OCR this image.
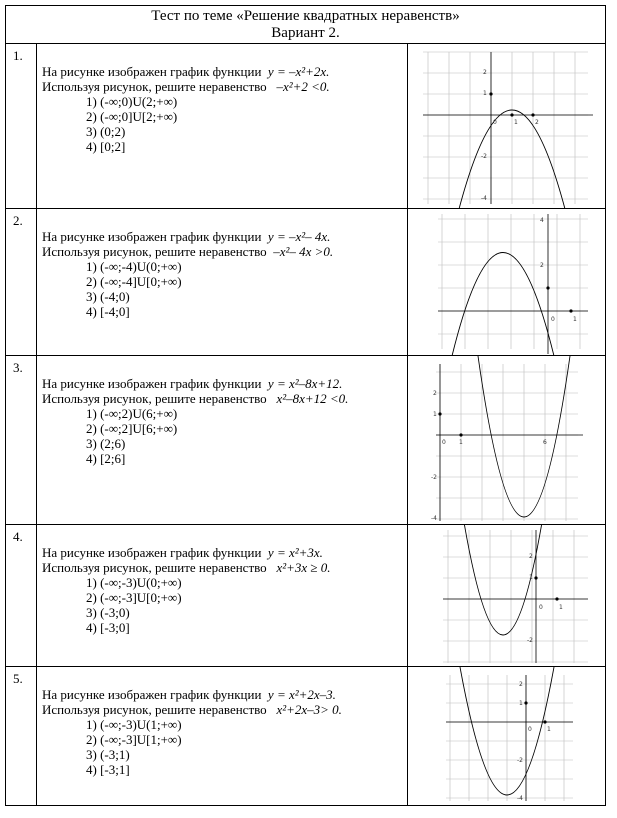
Тест по теме «Решение квадратных неравенств»
Вариант 2.
1.
На рисунке изображен график функции y = –x²+2x.
Используя рисунок, решите неравенство –x²+2 <0.
1) (-∞;0)U(2;+∞)
2) (-∞;0]U[2;+∞)
3) (0;2)
4) [0;2]
0	1	2
2
1
-2
-4
2.
На рисунке изображен график функции y = –x²– 4x.
Используя рисунок, решите неравенство –x²– 4x >0.
1) (-∞;-4)U(0;+∞)
2) (-∞;-4]U[0;+∞)
3) (-4;0)
4) [-4;0]
0	1
4
2
3.
На рисунке изображен график функции y = x²–8x+12.
Используя рисунок, решите неравенство x²–8x+12 <0.
1) (-∞;2)U(6;+∞)
2) (-∞;2]U[6;+∞)
3) (2;6)
4) [2;6]
0 1	6
2
1
-2
-4
4.
На рисунке изображен график функции y = x²+3x.
Используя рисунок, решите неравенство x²+3x ≥ 0.
1) (-∞;-3)U(0;+∞)
2) (-∞;-3]U[0;+∞)
3) (-3;0)
4) [-3;0]
0	1
2
1
-2
5.
На рисунке изображен график функции y = x²+2x–3.
Используя рисунок, решите неравенство x²+2x–3> 0.
1) (-∞;-3)U(1;+∞)
2) (-∞;-3]U[1;+∞)
3) (-3;1)
4) [-3;1]
0	1
2
1
-2
-4
